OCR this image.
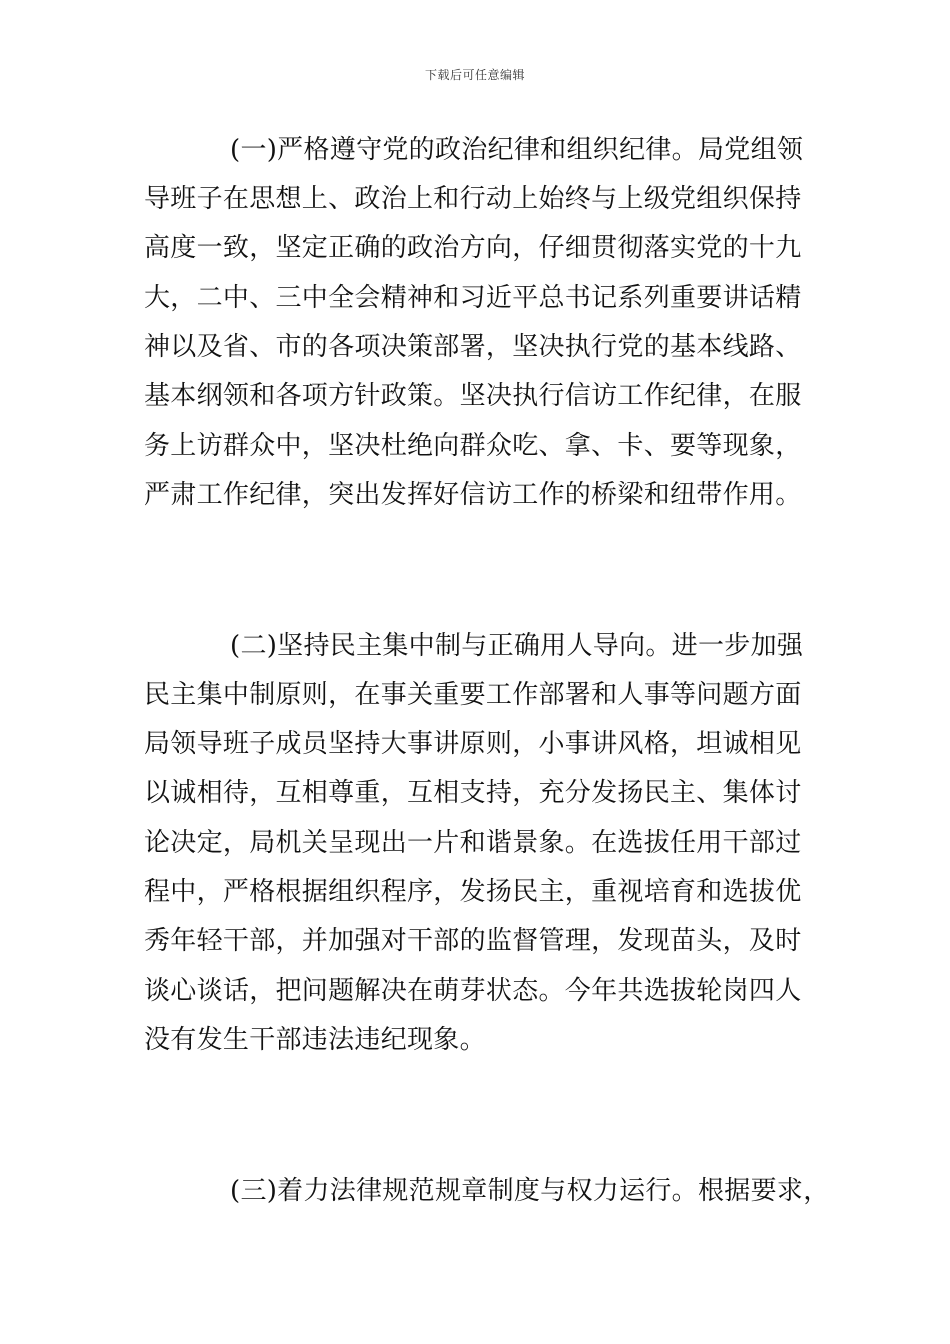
下载后可任意编辑
(一)严格遵守党的政治纪律和组织纪律。局党组领
导班子在思想上、政治上和行动上始终与上级党组织保持
高度一致，坚定正确的政治方向，仔细贯彻落实党的十九
大，二中、三中全会精神和习近平总书记系列重要讲话精
神以及省、市的各项决策部署，坚决执行党的基本线路、
基本纲领和各项方针政策。坚决执行信访工作纪律，在服
务上访群众中，坚决杜绝向群众吃、拿、卡、要等现象，
严肃工作纪律，突出发挥好信访工作的桥梁和纽带作用。
(二)坚持民主集中制与正确用人导向。进一步加强
民主集中制原则，在事关重要工作部署和人事等问题方面
局领导班子成员坚持大事讲原则，小事讲风格，坦诚相见
以诚相待，互相尊重，互相支持，充分发扬民主、集体讨
论决定，局机关呈现出一片和谐景象。在选拔任用干部过
程中，严格根据组织程序，发扬民主，重视培育和选拔优
秀年轻干部，并加强对干部的监督管理，发现苗头，及时
谈心谈话，把问题解决在萌芽状态。今年共选拔轮岗四人
没有发生干部违法违纪现象。
(三)着力法律规范规章制度与权力运行。根据要求，
